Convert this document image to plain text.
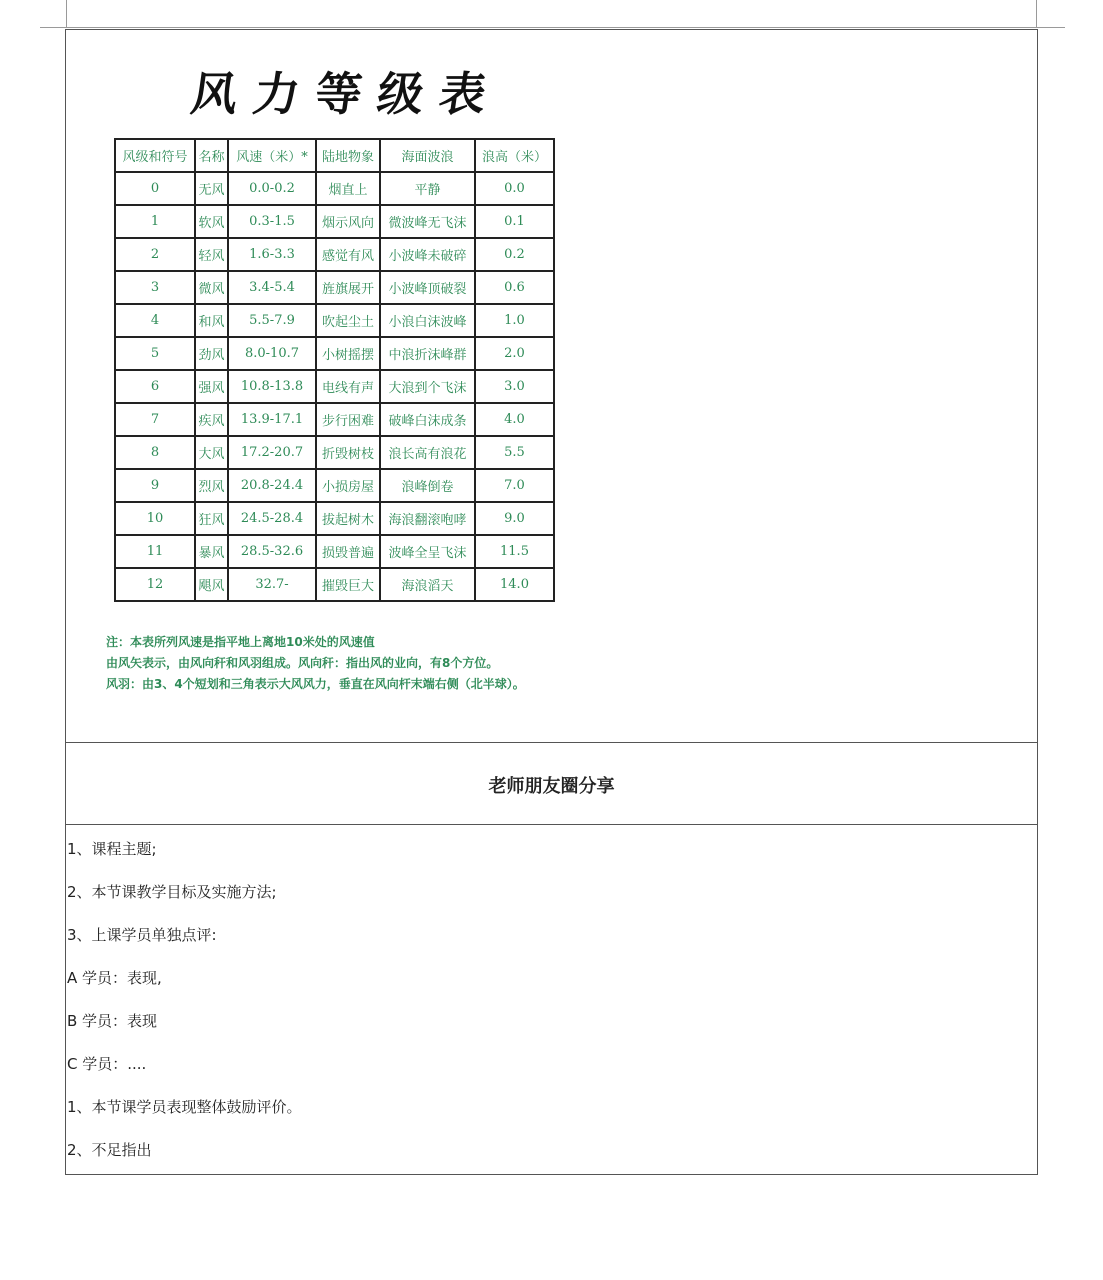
风力等级表
风级和符号	名称	风速（米）*	陆地物象	海面波浪	浪高（米）
0	无风	0.0-0.2	烟直上	平静	0.0
1	软风	0.3-1.5	烟示风向	微波峰无飞沫	0.1
2	轻风	1.6-3.3	感觉有风	小波峰未破碎	0.2
3	微风	3.4-5.4	旌旗展开	小波峰顶破裂	0.6
4	和风	5.5-7.9	吹起尘土	小浪白沫波峰	1.0
5	劲风	8.0-10.7	小树摇摆	中浪折沫峰群	2.0
6	强风	10.8-13.8	电线有声	大浪到个飞沫	3.0
7	疾风	13.9-17.1	步行困难	破峰白沫成条	4.0
8	大风	17.2-20.7	折毁树枝	浪长高有浪花	5.5
9	烈风	20.8-24.4	小损房屋	浪峰倒卷	7.0
10	狂风	24.5-28.4	拔起树木	海浪翻滚咆哮	9.0
11	暴风	28.5-32.6	损毁普遍	波峰全呈飞沫	11.5
12	飓风	32.7-	摧毁巨大	海浪滔天	14.0

注：本表所列风速是指平地上离地10米处的风速值

由风矢表示，由风向秆和风羽组成。风向秆：指出风的业向，有8个方位。

风羽：由3、4个短划和三角表示大风风力，垂直在风向杆末端右侧（北半球）。

老师朋友圈分享

1、课程主题;

2、本节课教学目标及实施方法;

3、上课学员单独点评:

A 学员：表现,

B 学员：表现

C 学员：....

1、本节课学员表现整体鼓励评价。

2、不足指出
